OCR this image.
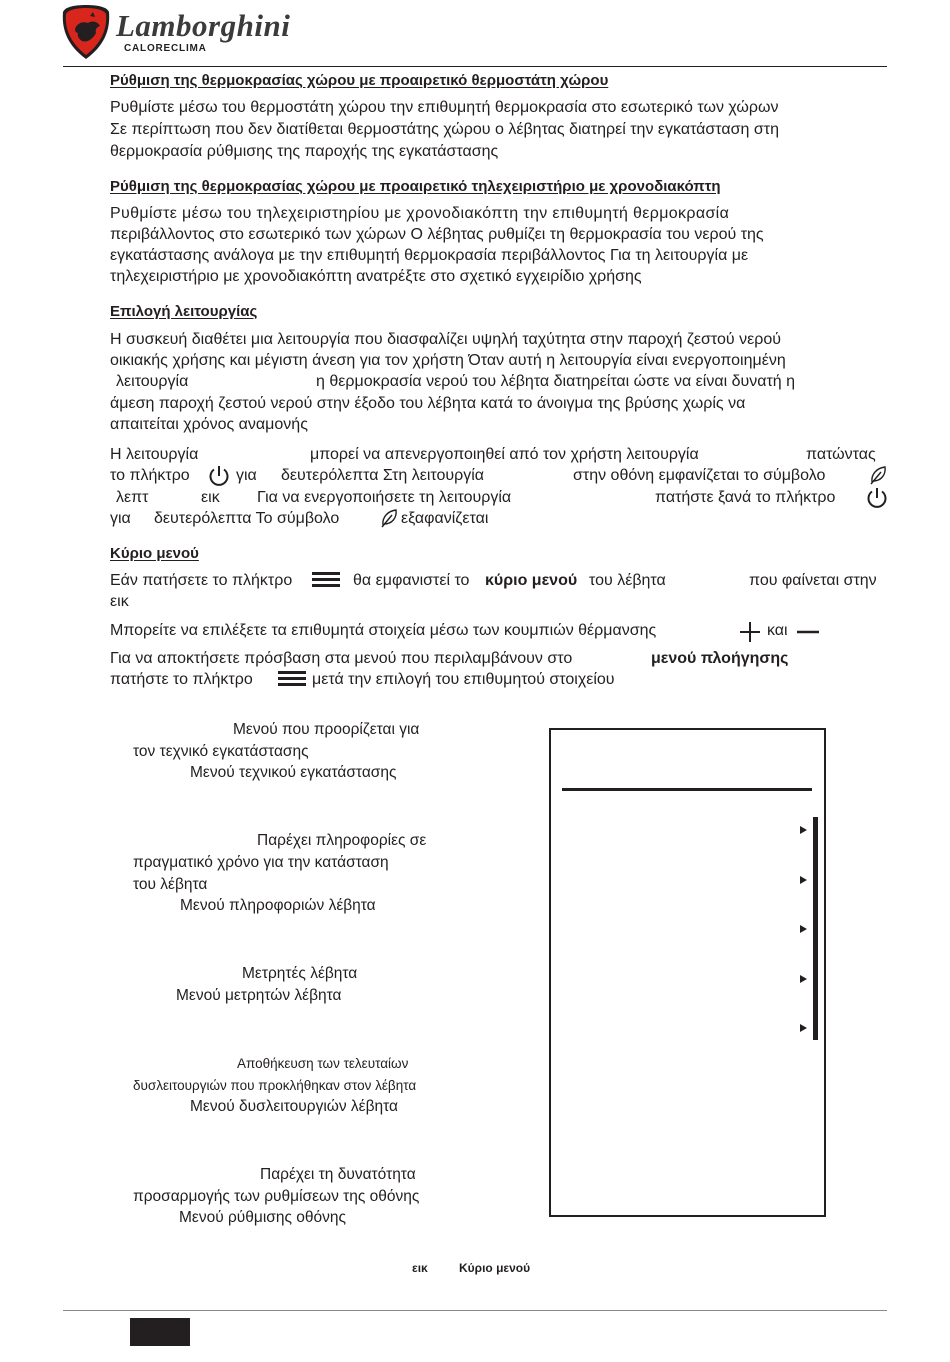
Lamborghini
CALORECLIMA
Ρύθμιση της θερμοκρασίας χώρου με προαιρετικό θερμοστάτη χώρου
Ρυθμίστε μέσω του θερμοστάτη χώρου την επιθυμητή θερμοκρασία στο εσωτερικό των χώρων
Σε περίπτωση που δεν διατίθεται θερμοστάτης χώρου ο λέβητας διατηρεί την εγκατάσταση στη
θερμοκρασία ρύθμισης της παροχής της εγκατάστασης
Ρύθμιση της θερμοκρασίας χώρου με προαιρετικό τηλεχειριστήριο με χρονοδιακόπτη
Ρυθμίστε μέσω του τηλεχειριστηρίου με χρονοδιακόπτη την επιθυμητή θερμοκρασία
περιβάλλοντος στο εσωτερικό των χώρων Ο λέβητας ρυθμίζει τη θερμοκρασία του νερού της
εγκατάστασης ανάλογα με την επιθυμητή θερμοκρασία περιβάλλοντος Για τη λειτουργία με
τηλεχειριστήριο με χρονοδιακόπτη ανατρέξτε στο σχετικό εγχειρίδιο χρήσης
Επιλογή λειτουργίας
Η συσκευή διαθέτει μια λειτουργία που διασφαλίζει υψηλή ταχύτητα στην παροχή ζεστού νερού
οικιακής χρήσης και μέγιστη άνεση για τον χρήστη Όταν αυτή η λειτουργία είναι ενεργοποιημένη
λειτουργία	η θερμοκρασία νερού του λέβητα διατηρείται ώστε να είναι δυνατή η
άμεση παροχή ζεστού νερού στην έξοδο του λέβητα κατά το άνοιγμα της βρύσης χωρίς να
απαιτείται χρόνος αναμονής
Η λειτουργία	μπορεί να απενεργοποιηθεί από τον χρήστη λειτουργία	πατώντας
το πλήκτρο	για δευτερόλεπτα Στη λειτουργία	στην οθόνη εμφανίζεται το σύμβολο
λεπτ	εικ Για να ενεργοποιήσετε τη λειτουργία	πατήστε ξανά το πλήκτρο
για δευτερόλεπτα Το σύμβολο	εξαφανίζεται
Κύριο μενού
Εάν πατήσετε το πλήκτρο	θα εμφανιστεί το κύριο μενού του λέβητα	που φαίνεται στην
εικ
Μπορείτε να επιλέξετε τα επιθυμητά στοιχεία μέσω των κουμπιών θέρμανσης	και
Για να αποκτήσετε πρόσβαση στα μενού που περιλαμβάνουν στο	μενού πλοήγησης
πατήστε το πλήκτρο	μετά την επιλογή του επιθυμητού στοιχείου
Μενού που προορίζεται για
τον τεχνικό εγκατάστασης
Μενού τεχνικού εγκατάστασης
Παρέχει πληροφορίες σε
πραγματικό χρόνο για την κατάσταση
του λέβητα
Μενού πληροφοριών λέβητα
Μετρητές λέβητα
Μενού μετρητών λέβητα
Αποθήκευση των τελευταίων
δυσλειτουργιών που προκλήθηκαν στον λέβητα
Μενού δυσλειτουργιών λέβητα
Παρέχει τη δυνατότητα
προσαρμογής των ρυθμίσεων της οθόνης
Μενού ρύθμισης οθόνης
εικ	Κύριο μενού
